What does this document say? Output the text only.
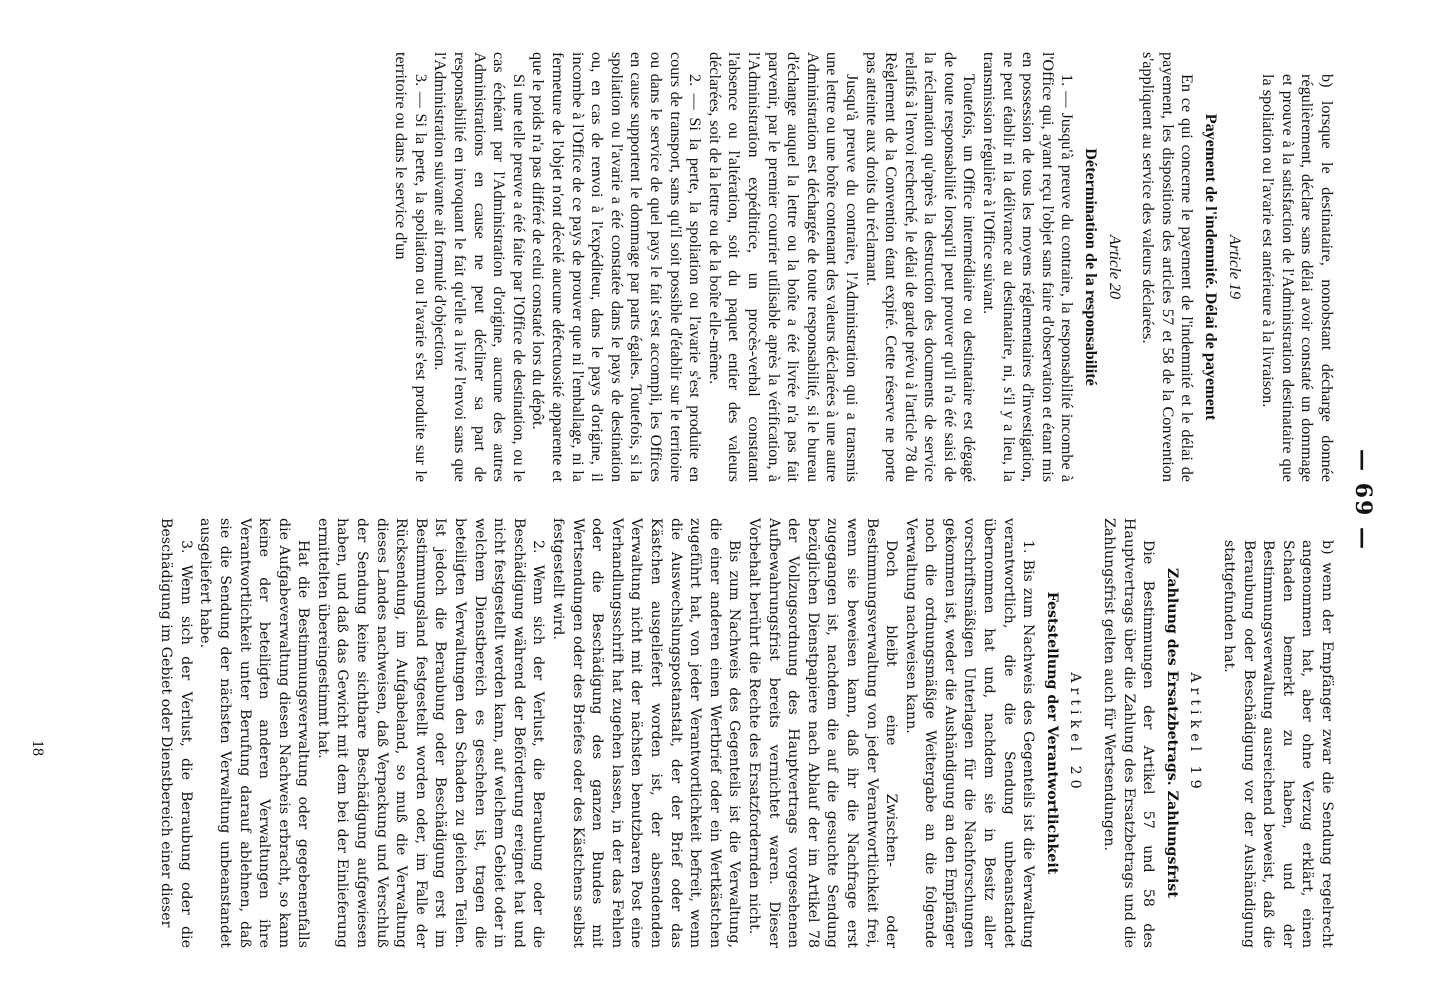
— 69 —

b) lorsque le destinataire, nonobstant décharge donnée régulièrement, déclare sans délai avoir constaté un dommage et prouve à la satisfaction de l'Administration destinataire que la spoliation ou l'avarie est antérieure à la livraison.

Article 19
Payement de l'indemnité. Délai de payement

En ce qui concerne le payement de l'indemnité et le délai de payement, les dispositions des articles 57 et 58 de la Convention s'appliquent au service des valeurs déclarées.

Article 20
Détermination de la responsabilité

1. — Jusqu'à preuve du contraire, la responsabilité incombe à l'Office qui, ayant reçu l'objet sans faire d'observation et étant mis en possession de tous les moyens réglementaires d'investigation, ne peut établir ni la délivrance au destinataire, ni, s'il y a lieu, la transmission régulière à l'Office suivant.

Toutefois, un Office intermédiaire ou destinataire est dégagé de toute responsabilité lorsqu'il peut prouver qu'il n'a été saisi de la réclamation qu'après la destruction des documents de service relatifs à l'envoi recherché, le délai de garde prévu à l'article 78 du Règlement de la Convention étant expiré. Cette réserve ne porte pas atteinte aux droits du réclamant.

Jusqu'à preuve du contraire, l'Administration qui a transmis une lettre ou une boîte contenant des valeurs déclarées à une autre Administration est déchargée de toute responsabilité, si le bureau d'échange auquel la lettre ou la boîte a été livrée n'a pas fait parvenir, par le premier courrier utilisable après la vérification, à l'Administration expéditrice, un procès-verbal constatant l'absence ou l'altération, soit du paquet entier des valeurs déclarées, soit de la lettre ou de la boîte elle-même.

2. — Si la perte, la spoliation ou l'avarie s'est produite en cours de transport, sans qu'il soit possible d'établir sur le territoire ou dans le service de quel pays le fait s'est accompli, les Offices en cause supportent le dommage par parts égales. Toutefois, si la spoliation ou l'avarie a été constatée dans le pays de destination ou, en cas de renvoi à l'expéditeur, dans le pays d'origine, il incombe à l'Office de ce pays de prouver que ni l'emballage, ni la fermeture de l'objet n'ont décelé aucune défectuosité apparente et que le poids n'a pas différé de celui constaté lors du dépôt.

Si une telle preuve a été faite par l'Office de destination, ou le cas échéant par l'Administration d'origine, aucune des autres Administrations en cause ne peut décliner sa part de responsabilité en invoquant le fait qu'elle a livré l'envoi sans que l'Administration suivante ait formulé d'objection.

3. — Si la perte, la spoliation ou l'avarie s'est produite sur le territoire ou dans le service d'un

b) wenn der Empfänger zwar die Sendung regelrecht angenommen hat, aber ohne Verzug erklärt, einen Schaden bemerkt zu haben, und der Bestimmungsverwaltung ausreichend beweist, daß die Beraubung oder Beschädigung vor der Aushändigung stattgefunden hat.

Artikel 19
Zahlung des Ersatzbetrags. Zahlungsfrist

Die Bestimmungen der Artikel 57 und 58 des Hauptvertrags über die Zahlung des Ersatzbetrags und die Zahlungsfrist gelten auch für Wertsendungen.

Artikel 20
Feststellung der Verantwortlichkeit

1. Bis zum Nachweis des Gegenteils ist die Verwaltung verantwortlich, die die Sendung unbeanstandet übernommen hat und, nachdem sie in Besitz aller vorschriftsmäßigen Unterlagen für die Nachforschungen gekommen ist, weder die Aushändigung an den Empfänger noch die ordnungsmäßige Weitergabe an die folgende Verwaltung nachweisen kann.

Doch bleibt eine Zwischen- oder Bestimmungsverwaltung von jeder Verantwortlichkeit frei, wenn sie beweisen kann, daß ihr die Nachfrage erst zugegangen ist, nachdem die auf die gesuchte Sendung bezüglichen Dienstpapiere nach Ablauf der im Artikel 78 der Vollzugsordnung des Hauptvertrags vorgesehenen Aufbewahrungsfrist bereits vernichtet waren. Dieser Vorbehalt berührt die Rechte des Ersatzfordernden nicht.

Bis zum Nachweis des Gegenteils ist die Verwaltung, die einer anderen einen Wertbrief oder ein Wertkästchen zugeführt hat, von jeder Verantwortlichkeit befreit, wenn die Auswechslungspostanstalt, der der Brief oder das Kästchen ausgeliefert worden ist, der absendenden Verwaltung nicht mit der nächsten benutzbaren Post eine Verhandlungsschrift hat zugehen lassen, in der das Fehlen oder die Beschädigung des ganzen Bundes mit Wertsendungen oder des Briefes oder des Kästchens selbst festgestellt wird.

2. Wenn sich der Verlust, die Beraubung oder die Beschädigung während der Beförderung ereignet hat und nicht festgestellt werden kann, auf welchem Gebiet oder in welchem Dienstbereich es geschehen ist, tragen die beteiligten Verwaltungen den Schaden zu gleichen Teilen. Ist jedoch die Beraubung oder Beschädigung erst im Bestimmungsland festgestellt worden oder, im Falle der Rücksendung, im Aufgabeland, so muß die Verwaltung dieses Landes nachweisen, daß Verpackung und Verschluß der Sendung keine sichtbare Beschädigung aufgewiesen haben, und daß das Gewicht mit dem bei der Einlieferung ermittelten übereingestimmt hat.

Hat die Bestimmungsverwaltung oder gegebenenfalls die Aufgabeverwaltung diesen Nachweis erbracht, so kann keine der beteiligten anderen Verwaltungen ihre Verantwortlichkeit unter Berufung darauf ablehnen, daß sie die Sendung der nächsten Verwaltung unbeanstandet ausgeliefert habe.

3. Wenn sich der Verlust, die Beraubung oder die Beschädigung im Gebiet oder Dienstbereich einer dieser

18
